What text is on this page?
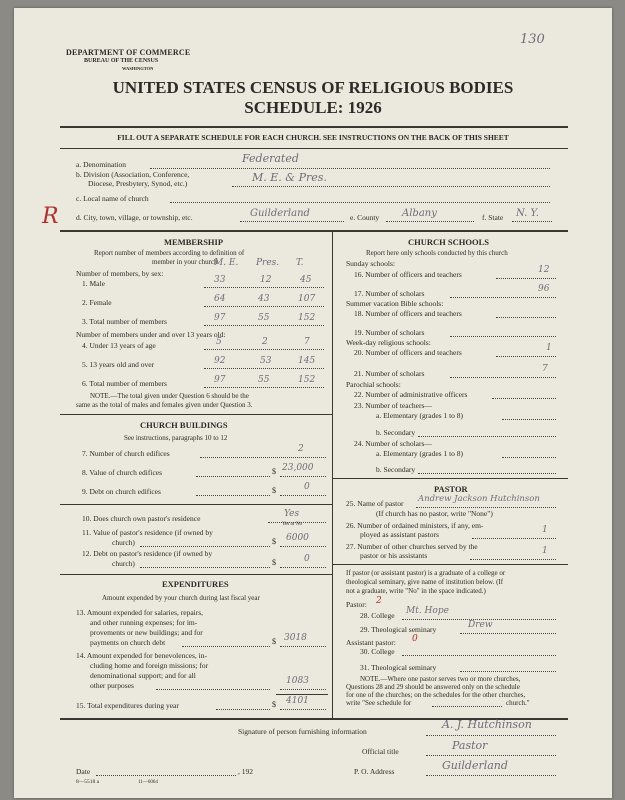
DEPARTMENT OF COMMERCE
BUREAU OF THE CENSUS
WASHINGTON
130
UNITED STATES CENSUS OF RELIGIOUS BODIES
SCHEDULE: 1926
FILL OUT A SEPARATE SCHEDULE FOR EACH CHURCH. SEE INSTRUCTIONS ON THE BACK OF THIS SHEET
a. Denomination	Federated
b. Division (Association, Conference,
Diocese, Presbytery, Synod, etc.)	M. E. & Pres.
c. Local name of church
R d. City, town, village, or township, etc.	Guilderland	e. County Albany	f. State N. Y.
MEMBERSHIP
Report number of members according to definition of
member in your church
Number of members, by sex:
M. E. Pres. T.
1. Male	33	12	45
2. Female	64	43	107
3. Total number of members	97	55	152
Number of members under and over 13 years old:
4. Under 13 years of age	5	2	7
5. 13 years old and over	92	53	145
6. Total number of members	97	55	152
NOTE.—The total given under Question 6 should be the
same as the total of males and females given under Question 3.
CHURCH BUILDINGS
See instructions, paragraphs 10 to 12
7. Number of church edifices	2
8. Value of church edifices	$ 23,000
9. Debt on church edifices	$	0
10. Does church own pastor's residence	Yes
Yes or No
11. Value of pastor's residence (if owned by
church)	$ 6000
12. Debt on pastor's residence (if owned by
church)	$	0
EXPENDITURES
Amount expended by your church during last fiscal year
13. Amount expended for salaries, repairs,
and other running expenses; for im-
provements or new buildings; and for
payments on church debt	$ 3018
14. Amount expended for benevolences, in-
cluding home and foreign missions; for
denominational support; and for all
other purposes	1083
15. Total expenditures during year	$ 4101
CHURCH SCHOOLS
Report here only schools conducted by this church
Sunday schools:
16. Number of officers and teachers	12
17. Number of scholars	96
Summer vacation Bible schools:
18. Number of officers and teachers
19. Number of scholars
Week-day religious schools:
20. Number of officers and teachers	1
21. Number of scholars	7
Parochial schools:
22. Number of administrative officers
23. Number of teachers—
a. Elementary (grades 1 to 8)
b. Secondary
24. Number of scholars—
a. Elementary (grades 1 to 8)
b. Secondary
PASTOR
25. Name of pastor Andrew Jackson Hutchinson
(If church has no pastor, write "None")
26. Number of ordained ministers, if any, em-
ployed as assistant pastors	1
27. Number of other churches served by the
pastor or his assistants	1
If pastor (or assistant pastor) is a graduate of a college or
theological seminary, give name of institution below. (If
not a graduate, write "No" in the space indicated.)
Pastor: 2
28. College Mt. Hope
29. Theological seminary	Drew
Assistant pastor: 0
30. College
31. Theological seminary
NOTE.—Where one pastor serves two or more churches,
Questions 28 and 29 should be answered only on the schedule
for one of the churches; on the schedules for the other churches,
write "See schedule for	church."
Signature of person furnishing information
A. J. Hutchinson
Official title	Pastor
Date	, 192	P. O. Address	Guilderland
8—5518 a	11—6064
